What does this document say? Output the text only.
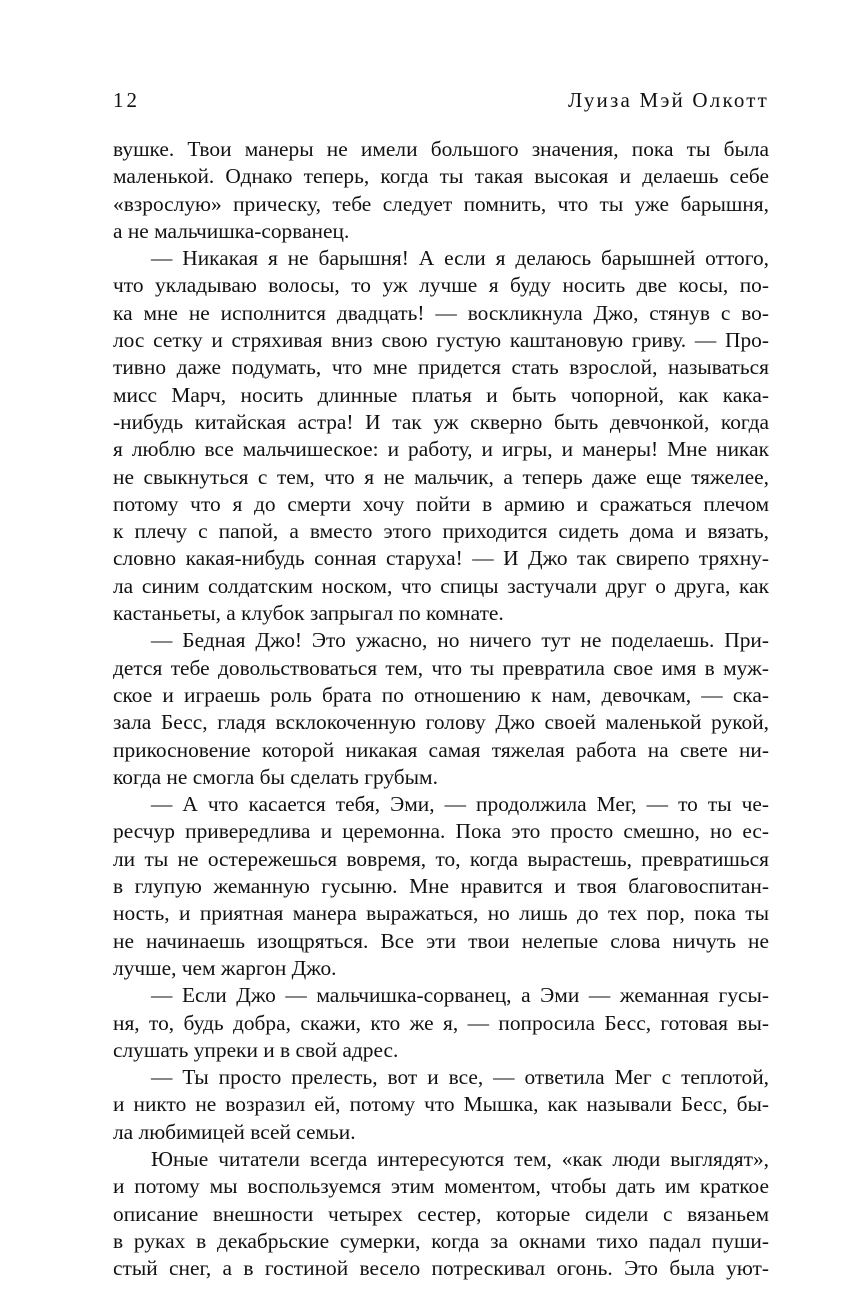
12	Луиза Мэй Олкотт
вушке. Твои манеры не имели большого значения, пока ты была
маленькой. Однако теперь, когда ты такая высокая и делаешь себе
«взрослую» прическу, тебе следует помнить, что ты уже барышня,
а не мальчишка-сорванец.
— Никакая я не барышня! А если я делаюсь барышней оттого,
что укладываю волосы, то уж лучше я буду носить две косы, по-
ка мне не исполнится двадцать! — воскликнула Джо, стянув с во-
лос сетку и стряхивая вниз свою густую каштановую гриву. — Про-
тивно даже подумать, что мне придется стать взрослой, называться
мисс Марч, носить длинные платья и быть чопорной, как кака-
-нибудь китайская астра! И так уж скверно быть девчонкой, когда
я люблю все мальчишеское: и работу, и игры, и манеры! Мне никак
не свыкнуться с тем, что я не мальчик, а теперь даже еще тяжелее,
потому что я до смерти хочу пойти в армию и сражаться плечом
к плечу с папой, а вместо этого приходится сидеть дома и вязать,
словно какая-нибудь сонная старуха! — И Джо так свирепо тряхну-
ла синим солдатским носком, что спицы застучали друг о друга, как
кастаньеты, а клубок запрыгал по комнате.
— Бедная Джо! Это ужасно, но ничего тут не поделаешь. При-
дется тебе довольствоваться тем, что ты превратила свое имя в муж-
ское и играешь роль брата по отношению к нам, девочкам, — ска-
зала Бесс, гладя всклокоченную голову Джо своей маленькой рукой,
прикосновение которой никакая самая тяжелая работа на свете ни-
когда не смогла бы сделать грубым.
— А что касается тебя, Эми, — продолжила Мег, — то ты че-
ресчур привередлива и церемонна. Пока это просто смешно, но ес-
ли ты не остережешься вовремя, то, когда вырастешь, превратишься
в глупую жеманную гусыню. Мне нравится и твоя благовоспитан-
ность, и приятная манера выражаться, но лишь до тех пор, пока ты
не начинаешь изощряться. Все эти твои нелепые слова ничуть не
лучше, чем жаргон Джо.
— Если Джо — мальчишка-сорванец, а Эми — жеманная гусы-
ня, то, будь добра, скажи, кто же я, — попросила Бесс, готовая вы-
слушать упреки и в свой адрес.
— Ты просто прелесть, вот и все, — ответила Мег с теплотой,
и никто не возразил ей, потому что Мышка, как называли Бесс, бы-
ла любимицей всей семьи.
Юные читатели всегда интересуются тем, «как люди выглядят»,
и потому мы воспользуемся этим моментом, чтобы дать им краткое
описание внешности четырех сестер, которые сидели с вязаньем
в руках в декабрьские сумерки, когда за окнами тихо падал пуши-
стый снег, а в гостиной весело потрескивал огонь. Это была уют-
